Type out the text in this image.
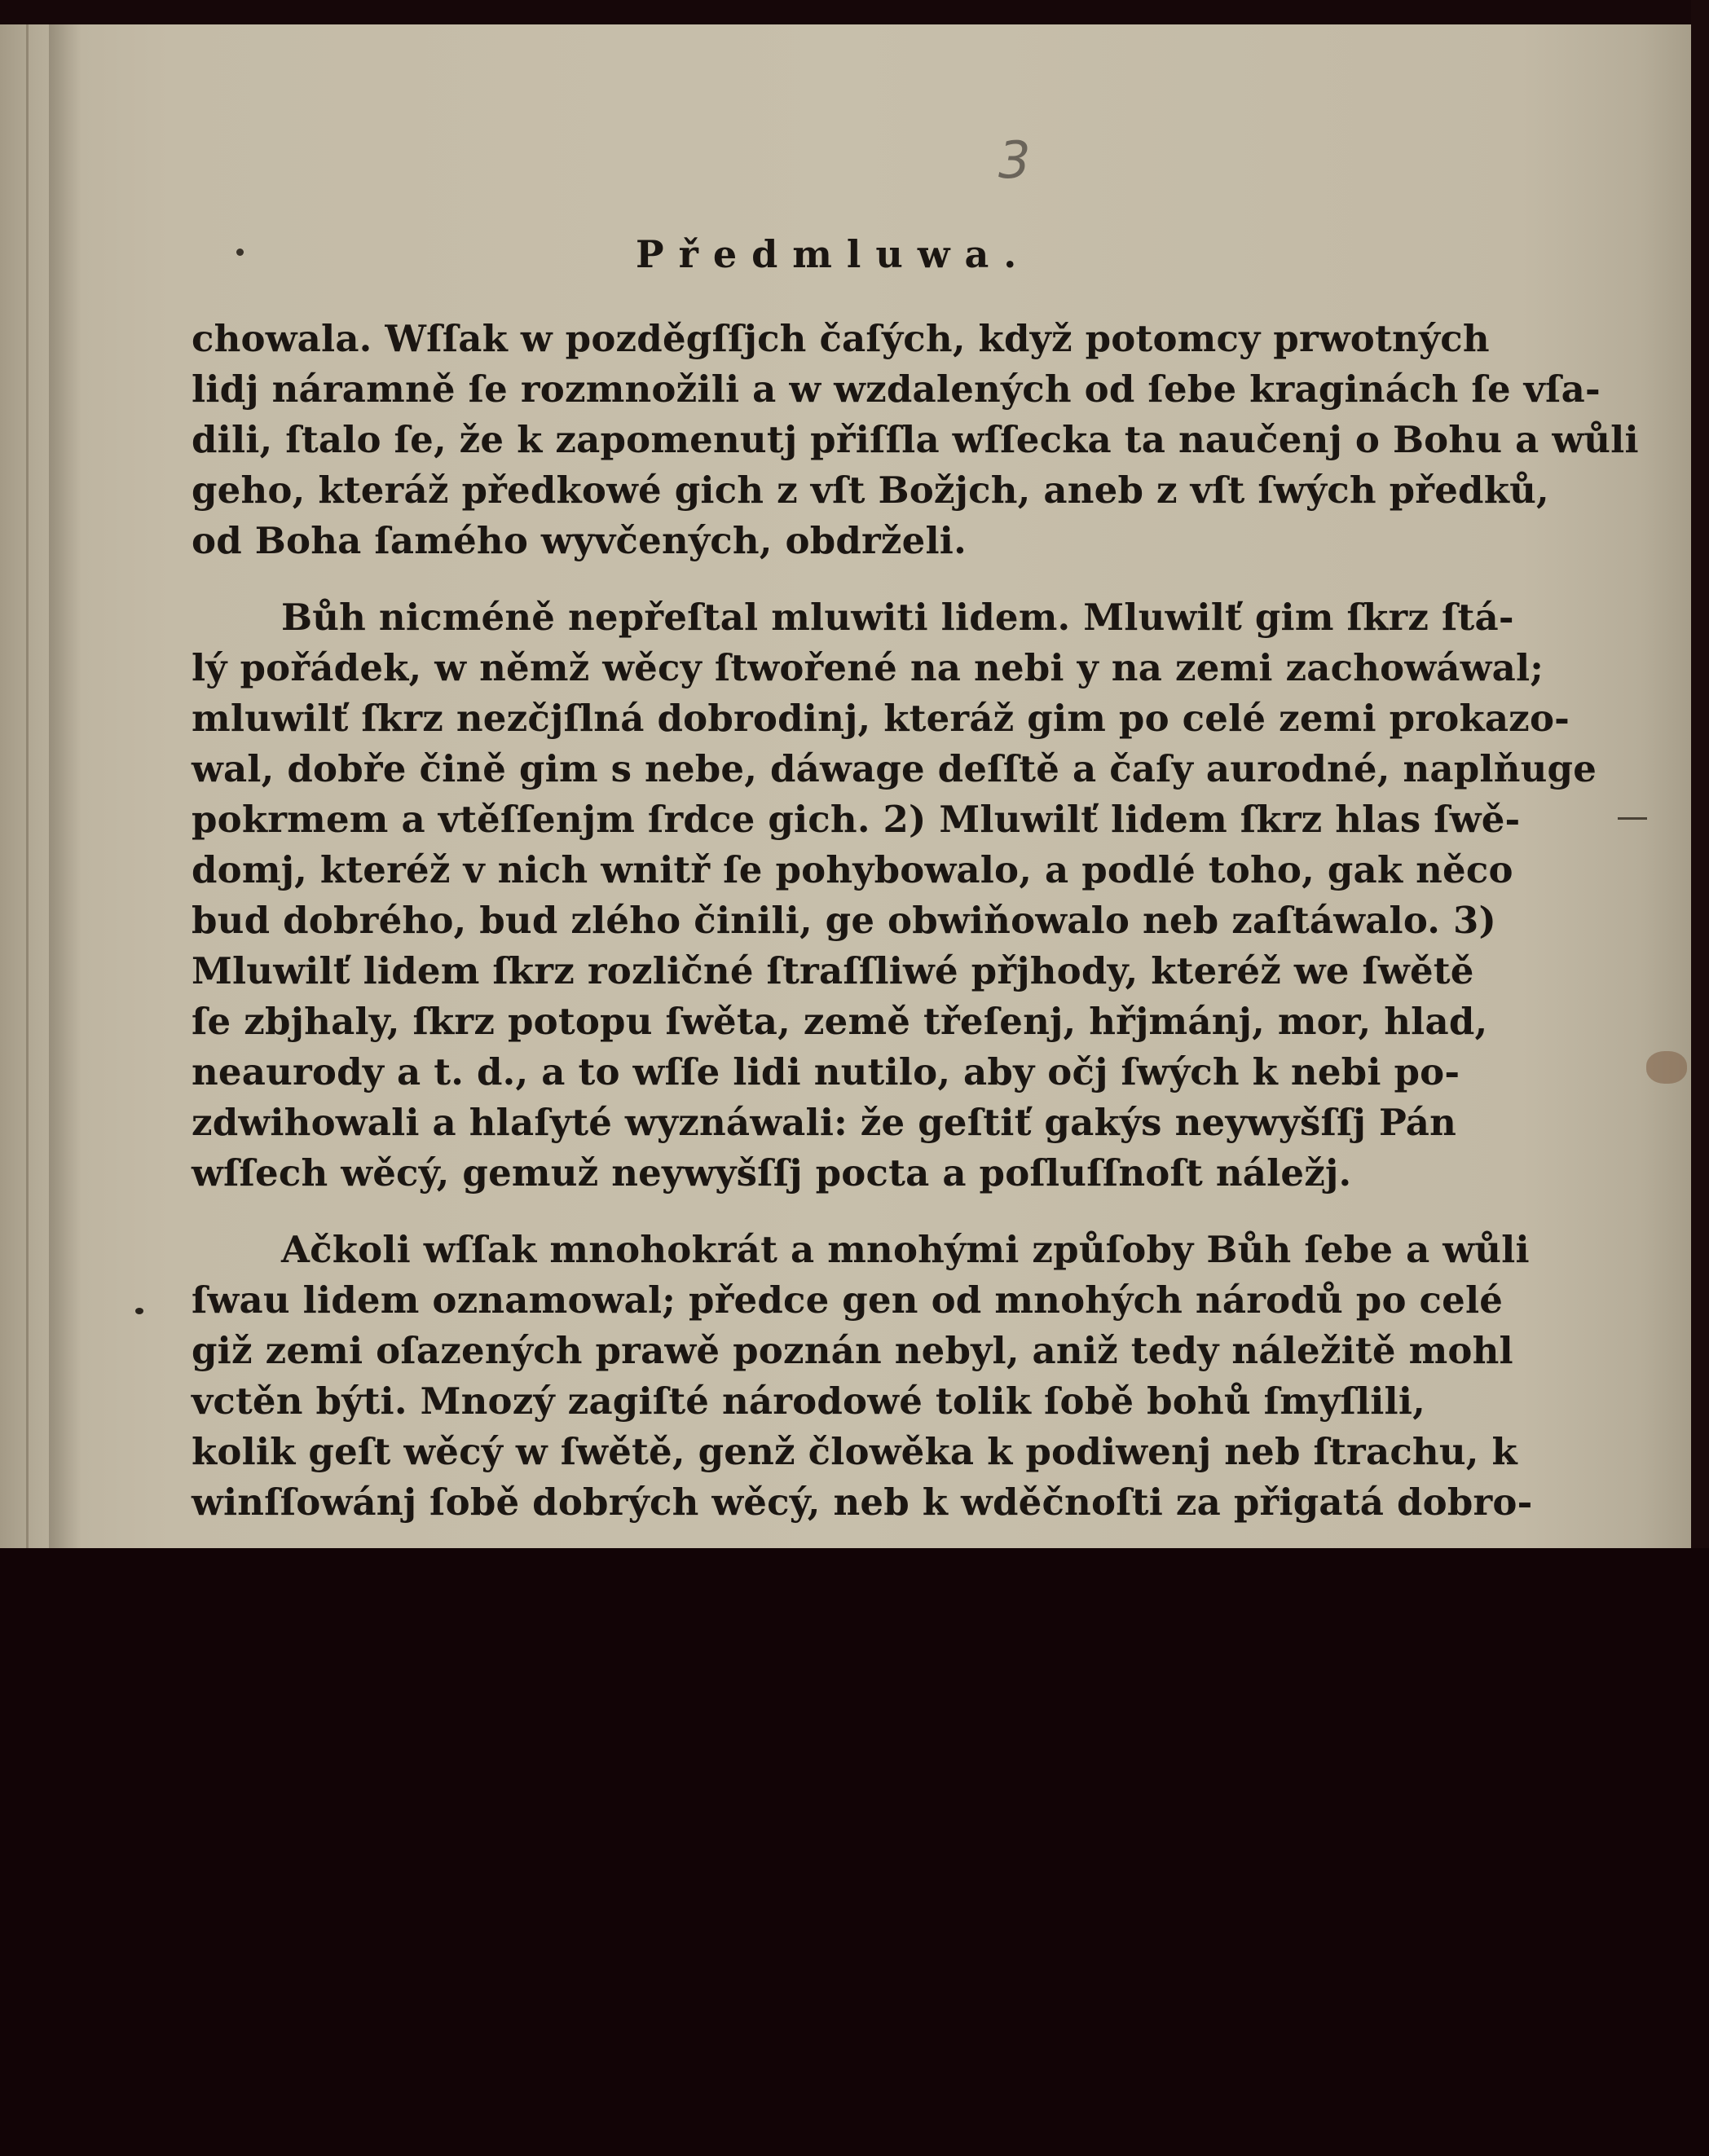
3
Předmluwa.
chowala. Wſſak w pozděgſſjch čaſých, když potomcy prwotných
lidj náramně ſe rozmnožili a w wzdalených od ſebe kraginách ſe vſa-
dili, ſtalo ſe, že k zapomenutj přiſſla wſſecka ta naučenj o Bohu a wůli
geho, kteráž předkowé gich z vſt Božjch, aneb z vſt ſwých předků,
od Boha ſamého wyvčených, obdrželi.
Bůh nicméně nepřeſtal mluwiti lidem. Mluwilť gim ſkrz ſtá-
lý pořádek, w němž wěcy ſtwořené na nebi y na zemi zachowáwal;
mluwilť ſkrz nezčjſlná dobrodinj, kteráž gim po celé zemi prokazo-
wal, dobře čině gim s nebe, dáwage deſſtě a čaſy aurodné, naplňuge
pokrmem a vtěſſenjm ſrdce gich. 2) Mluwilť lidem ſkrz hlas ſwě-
domj, kteréž v nich wnitř ſe pohybowalo, a podlé toho, gak něco
bud dobrého, bud zlého činili, ge obwiňowalo neb zaſtáwalo. 3)
Mluwilť lidem ſkrz rozličné ſtraſſliwé přjhody, kteréž we ſwětě
ſe zbjhaly, ſkrz potopu ſwěta, země třeſenj, hřjmánj, mor, hlad,
neaurody a t. d., a to wſſe lidi nutilo, aby očj ſwých k nebi po-
zdwihowali a hlaſyté wyznáwali: že geſtiť gakýs neywyšſſj Pán
wſſech wěcý, gemuž neywyšſſj pocta a poſluſſnoſt náležj.
Ačkoli wſſak mnohokrát a mnohými způſoby Bůh ſebe a wůli
ſwau lidem oznamowal; předce gen od mnohých národů po celé
giž zemi oſazených prawě poznán nebyl, aniž tedy náležitě mohl
vctěn býti. Mnozý zagiſté národowé tolik ſobě bohů ſmyſlili,
kolik geſt wěcý w ſwětě, genž člowěka k podiwenj neb ſtrachu, k
winſſowánj ſobě dobrých wěcý, neb k wděčnoſti za přigatá dobro-
